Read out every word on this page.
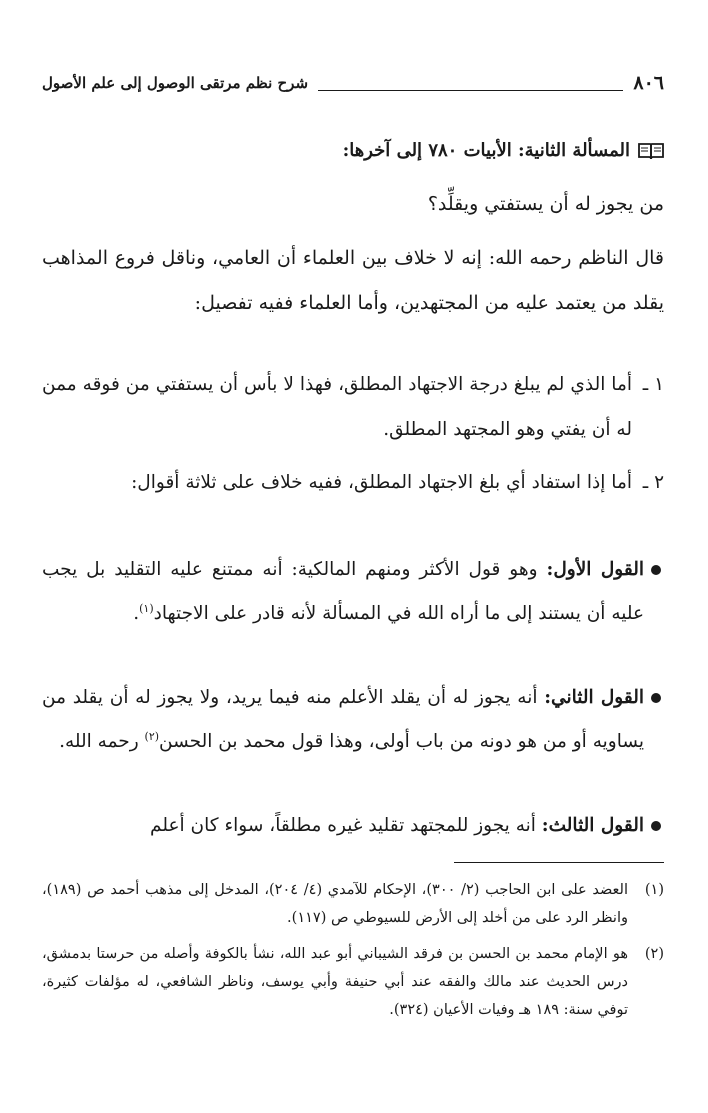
٨٠٦
شرح نظم مرتقى الوصول إلى علم الأصول
المسألة الثانية: الأبيات ٧٨٠ إلى آخرها:
من يجوز له أن يستفتي ويقلِّد؟
قال الناظم رحمه الله: إنه لا خلاف بين العلماء أن العامي، وناقل فروع المذاهب يقلد من يعتمد عليه من المجتهدين، وأما العلماء ففيه تفصيل:
١ ـ
أما الذي لم يبلغ درجة الاجتهاد المطلق، فهذا لا بأس أن يستفتي من فوقه ممن له أن يفتي وهو المجتهد المطلق.
٢ ـ
أما إذا استفاد أي بلغ الاجتهاد المطلق، ففيه خلاف على ثلاثة أقوال:
القول الأول: وهو قول الأكثر ومنهم المالكية: أنه ممتنع عليه التقليد بل يجب عليه أن يستند إلى ما أراه الله في المسألة لأنه قادر على الاجتهاد$^{(١)}$.
القول الثاني: أنه يجوز له أن يقلد الأعلم منه فيما يريد، ولا يجوز له أن يقلد من يساويه أو من هو دونه من باب أولى، وهذا قول محمد بن الحسن$^{(٢)}$ رحمه الله.
القول الثالث: أنه يجوز للمجتهد تقليد غيره مطلقاً، سواء كان أعلم
(١)
العضد على ابن الحاجب (٢/ ٣٠٠)، الإحكام للآمدي (٤/ ٢٠٤)، المدخل إلى مذهب أحمد ص (١٨٩)، وانظر الرد على من أخلد إلى الأرض للسيوطي ص (١١٧).
(٢)
هو الإمام محمد بن الحسن بن فرقد الشيباني أبو عبد الله، نشأ بالكوفة وأصله من حرستا بدمشق، درس الحديث عند مالك والفقه عند أبي حنيفة وأبي يوسف، وناظر الشافعي، له مؤلفات كثيرة، توفي سنة: ١٨٩ هـ وفيات الأعيان (٣٢٤).
